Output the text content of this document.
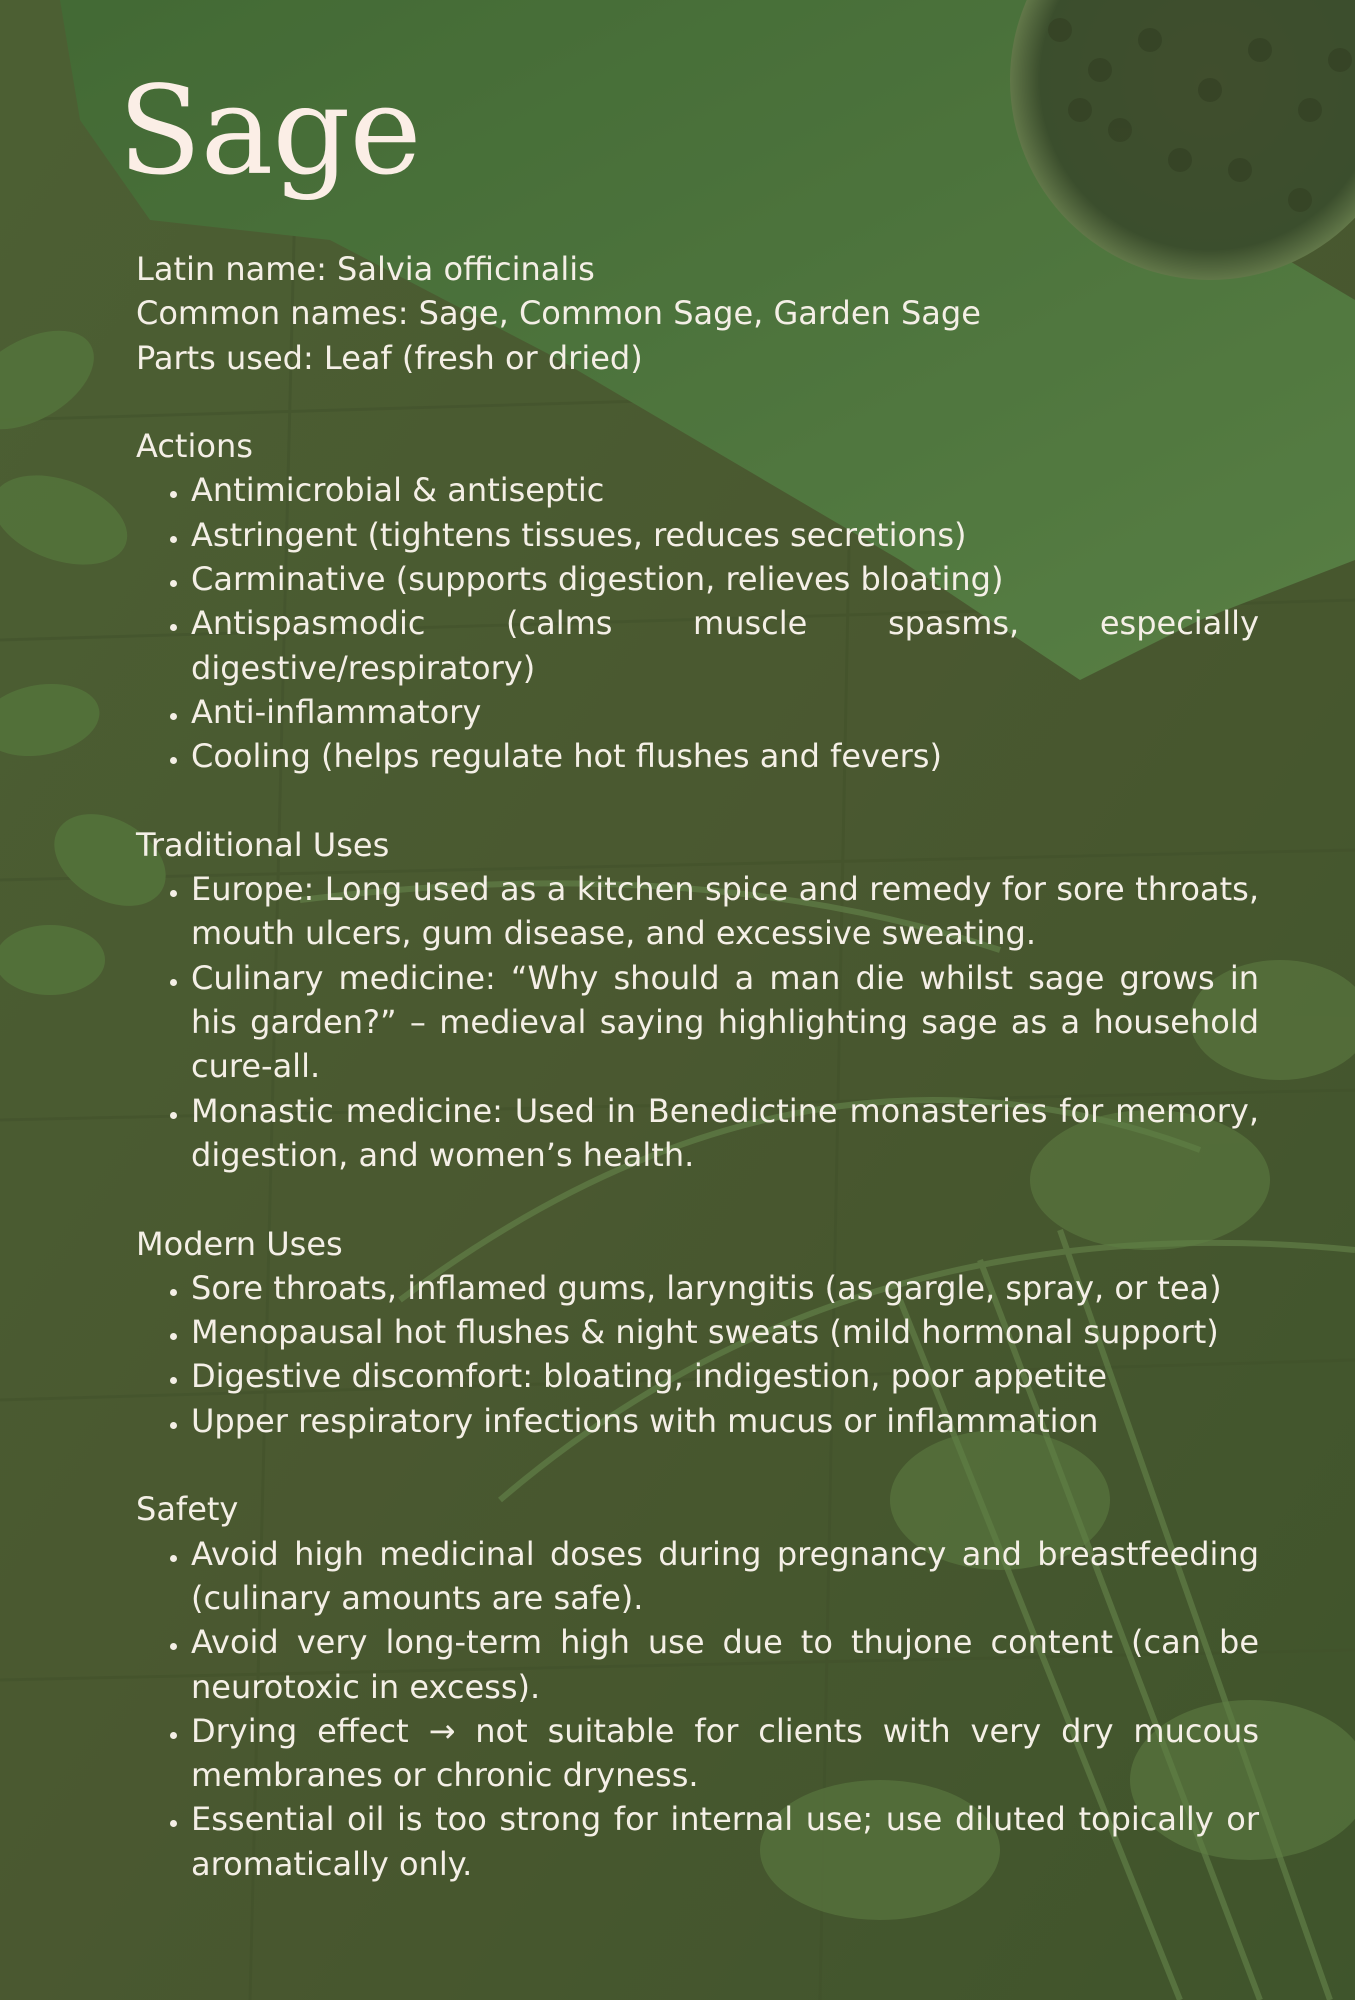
Sage

Latin name: Salvia officinalis

Common names: Sage, Common Sage, Garden Sage

Parts used: Leaf (fresh or dried)

Actions

• Antimicrobial & antiseptic
• Astringent (tightens tissues, reduces secretions)
• Carminative (supports digestion, relieves bloating)
• Antispasmodic (calms muscle spasms, especially digestive/respiratory)
• Anti-inflammatory
• Cooling (helps regulate hot flushes and fevers)

Traditional Uses

• Europe: Long used as a kitchen spice and remedy for sore throats, mouth ulcers, gum disease, and excessive sweating.
• Culinary medicine: “Why should a man die whilst sage grows in his garden?” – medieval saying highlighting sage as a household cure-all.
• Monastic medicine: Used in Benedictine monasteries for memory, digestion, and women’s health.

Modern Uses

• Sore throats, inflamed gums, laryngitis (as gargle, spray, or tea)
• Menopausal hot flushes & night sweats (mild hormonal support)
• Digestive discomfort: bloating, indigestion, poor appetite
• Upper respiratory infections with mucus or inflammation

Safety

• Avoid high medicinal doses during pregnancy and breastfeeding (culinary amounts are safe).
• Avoid very long-term high use due to thujone content (can be neurotoxic in excess).
• Drying effect → not suitable for clients with very dry mucous membranes or chronic dryness.
• Essential oil is too strong for internal use; use diluted topically or aromatically only.
